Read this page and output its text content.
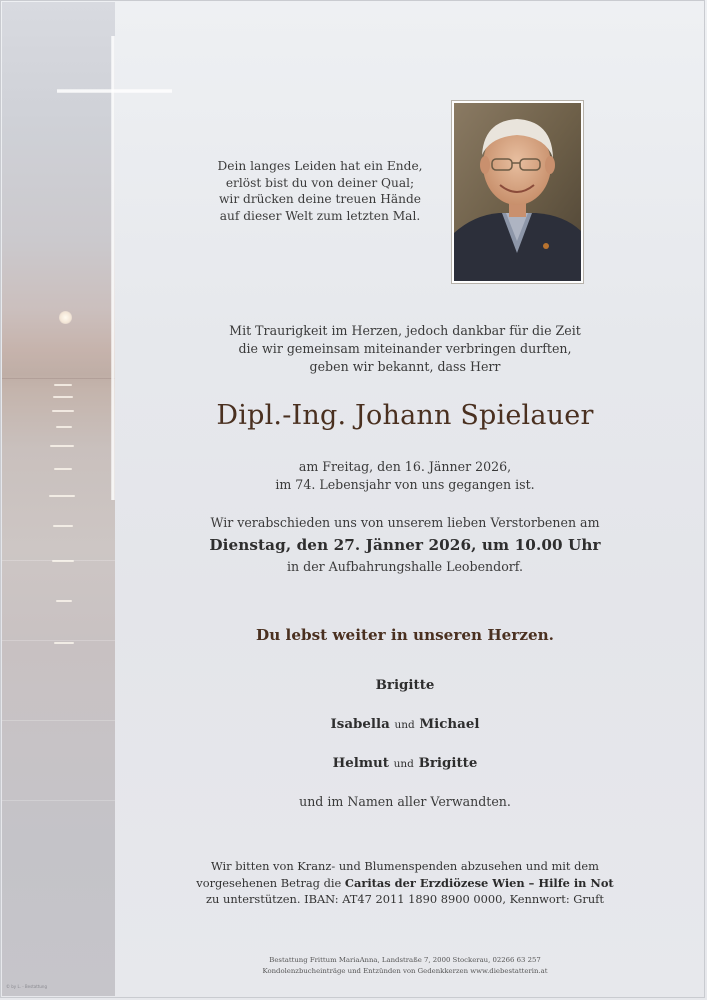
© by L. - Bestattung
Dein langes Leiden hat ein Ende,
erlöst bist du von deiner Qual;
wir drücken deine treuen Hände
auf dieser Welt zum letzten Mal.
Mit Traurigkeit im Herzen, jedoch dankbar für die Zeit
die wir gemeinsam miteinander verbringen durften,
geben wir bekannt, dass Herr
Dipl.-Ing. Johann Spielauer
am Freitag, den 16. Jänner 2026,
im 74. Lebensjahr von uns gegangen ist.
Wir verabschieden uns von unserem lieben Verstorbenen am
Dienstag, den 27. Jänner 2026, um 10.00 Uhr
in der Aufbahrungshalle Leobendorf.
Du lebst weiter in unseren Herzen.
Brigitte
Isabella und Michael
Helmut und Brigitte
und im Namen aller Verwandten.
Wir bitten von Kranz- und Blumenspenden abzusehen und mit dem
vorgesehenen Betrag die Caritas der Erzdiözese Wien – Hilfe in Not
zu unterstützen. IBAN: AT47 2011 1890 8900 0000, Kennwort: Gruft
Bestattung Frittum MariaAnna, Landstraße 7, 2000 Stockerau, 02266 63 257
Kondolenzbucheinträge und Entzünden von Gedenkkerzen www.diebestatterin.at
